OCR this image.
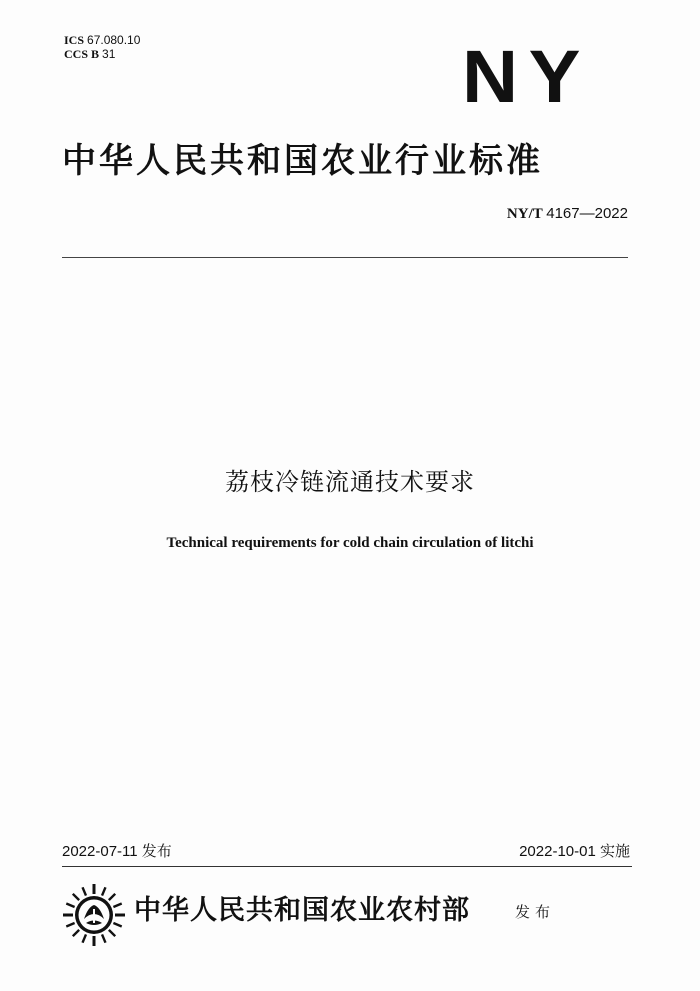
ICS 67.080.10
CCS B 31	NY
中华人民共和国农业行业标准
NY/T 4167—2022
荔枝冷链流通技术要求
Technical requirements for cold chain circulation of litchi
2022-07-11 发布	2022-10-01 实施
中华人民共和国农业农村部	发布
